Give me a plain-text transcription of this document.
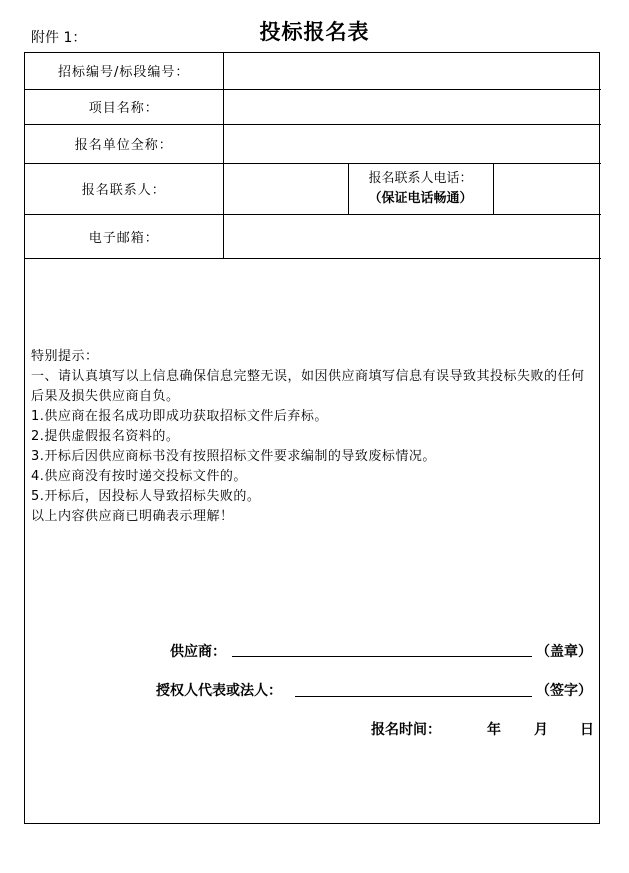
附件 1：	投标报名表
招标编号/标段编号：			
项目名称：			
报名单位全称：			
报名联系人：		报名联系人电话：
（保证电话畅通）	

电子邮箱：			
特别提示：
一、请认真填写以上信息确保信息完整无误，如因供应商填写信息有误导致其投标失败的任何后果及损失供应商自负。
1.供应商在报名成功即成功获取招标文件后弃标。
2.提供虚假报名资料的。
3.开标后因供应商标书没有按照招标文件要求编制的导致废标情况。
4.供应商没有按时递交投标文件的。
5.开标后，因投标人导致招标失败的。
以上内容供应商已明确表示理解！
供应商：	（盖章）
授权人代表或法人：	（签字）
报名时间：	年 月 日
